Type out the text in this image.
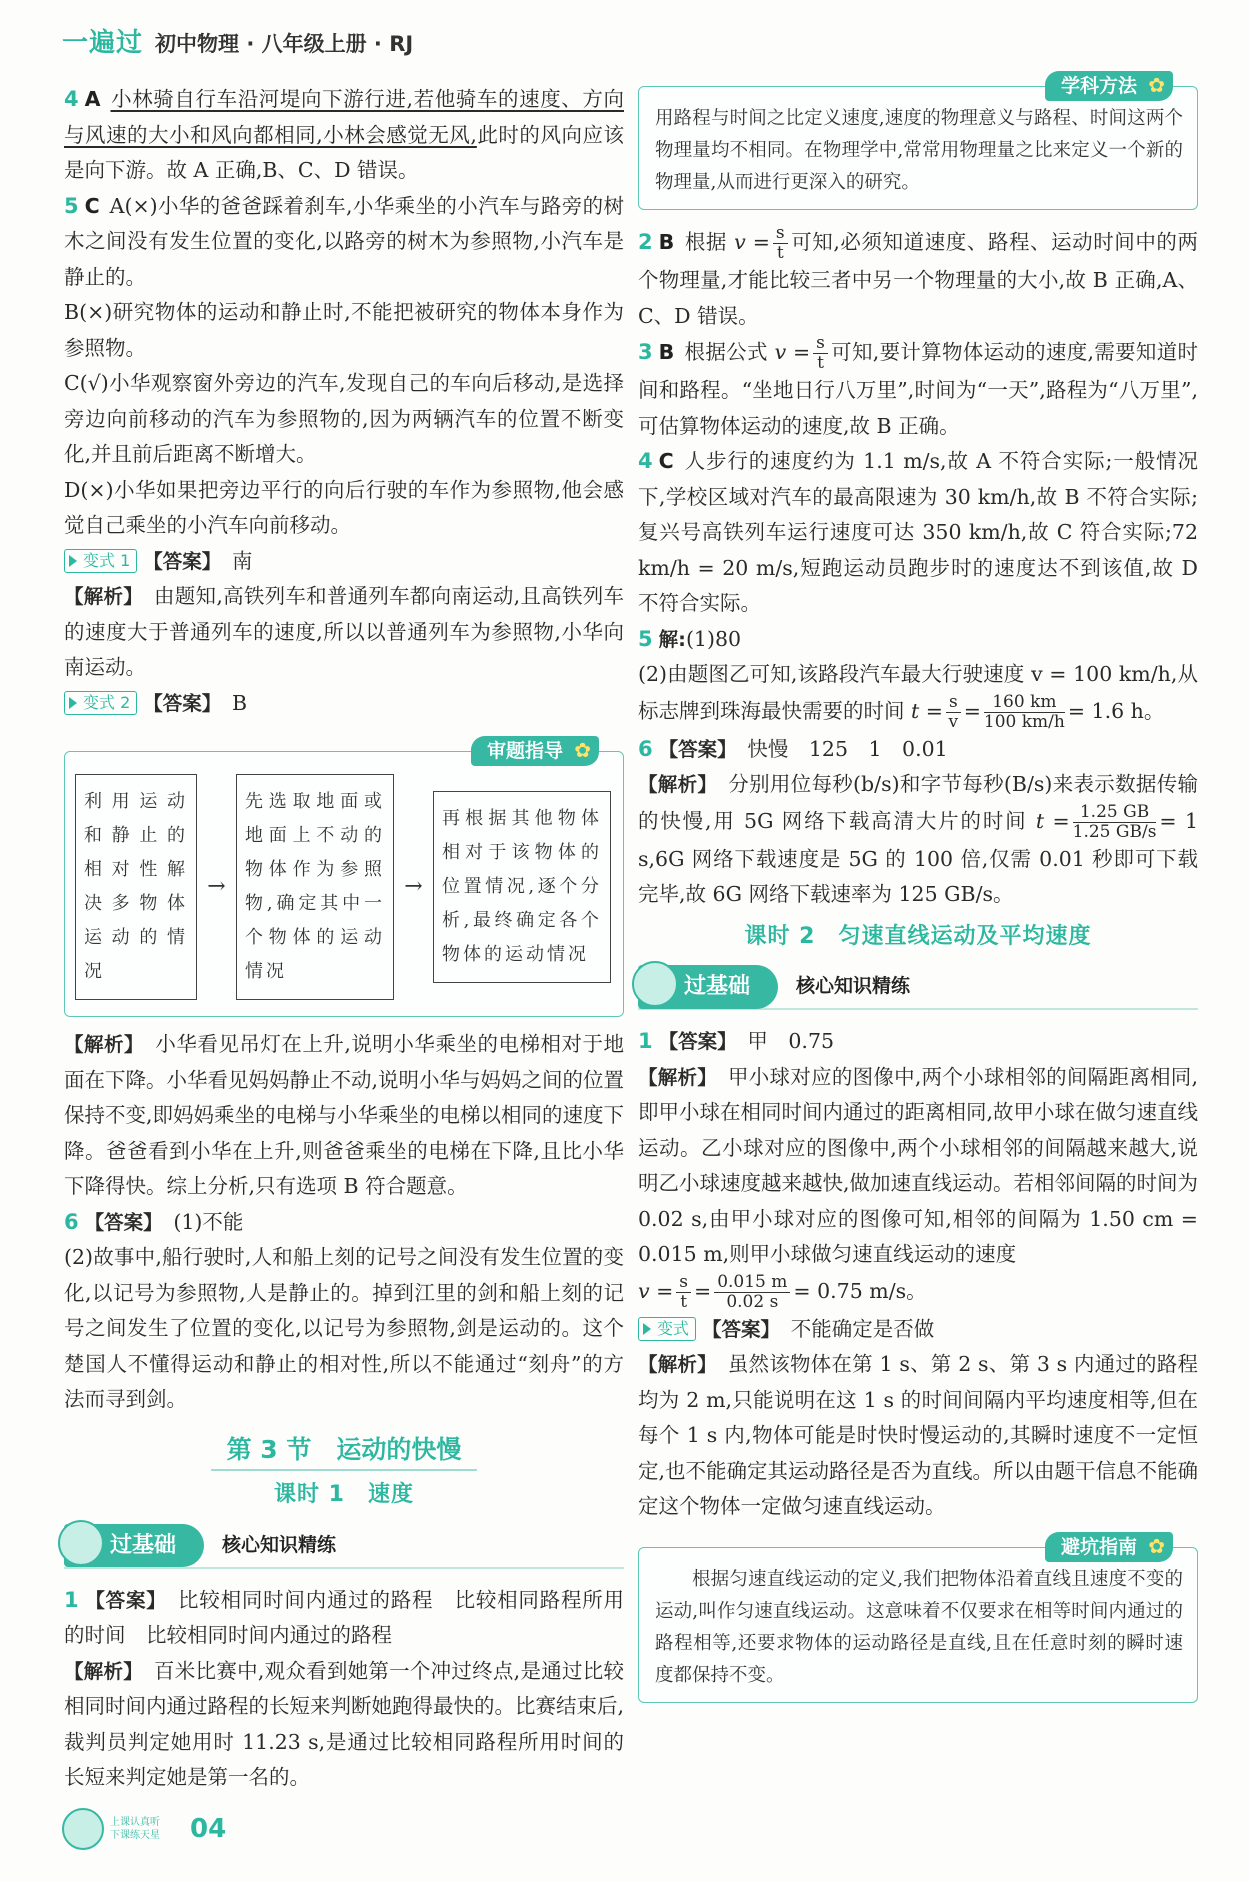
一遍过 初中物理 · 八年级上册 · RJ

4 A 小林骑自行车沿河堤向下游行进,若他骑车的速度、方向与风速的大小和风向都相同,小林会感觉无风,此时的风向应该是向下游。故 A 正确,B、C、D 错误。

5 C A(×)小华的爸爸踩着刹车,小华乘坐的小汽车与路旁的树木之间没有发生位置的变化,以路旁的树木为参照物,小汽车是静止的。

B(×)研究物体的运动和静止时,不能把被研究的物体本身作为参照物。

C(√)小华观察窗外旁边的汽车,发现自己的车向后移动,是选择旁边向前移动的汽车为参照物的,因为两辆汽车的位置不断变化,并且前后距离不断增大。

D(×)小华如果把旁边平行的向后行驶的车作为参照物,他会感觉自己乘坐的小汽车向前移动。

变式 1 【答案】　 南

【解析】　 由题知,高铁列车和普通列车都向南运动,且高铁列车的速度大于普通列车的速度,所以以普通列车为参照物,小华向南运动。

变式 2 【答案】　 B

审题指导 ✿
利用运动和静止的相对性解决多物体运动的情况
→
先选取地面或地面上不动的物体作为参照物,确定其中一个物体的运动情况
→
再根据其他物体相对于该物体的位置情况,逐个分析,最终确定各个物体的运动情况

【解析】　 小华看见吊灯在上升,说明小华乘坐的电梯相对于地面在下降。小华看见妈妈静止不动,说明小华与妈妈之间的位置保持不变,即妈妈乘坐的电梯与小华乘坐的电梯以相同的速度下降。爸爸看到小华在上升,则爸爸乘坐的电梯在下降,且比小华下降得快。综上分析,只有选项 B 符合题意。

6 【答案】　 (1)不能

(2)故事中,船行驶时,人和船上刻的记号之间没有发生位置的变化,以记号为参照物,人是静止的。掉到江里的剑和船上刻的记号之间发生了位置的变化,以记号为参照物,剑是运动的。这个楚国人不懂得运动和静止的相对性,所以不能通过“刻舟”的方法而寻到剑。

第 3 节　运动的快慢
课时 1　速度
过基础	核心知识精练

1 【答案】　 比较相同时间内通过的路程　比较相同路程所用的时间　比较相同时间内通过的路程

【解析】　 百米比赛中,观众看到她第一个冲过终点,是通过比较相同时间内通过路程的长短来判断她跑得最快的。比赛结束后,裁判员判定她用时 11.23 s,是通过比较相同路程所用时间的长短来判定她是第一名的。

学科方法 ✿

用路程与时间之比定义速度,速度的物理意义与路程、时间这两个物理量均不相同。在物理学中,常常用物理量之比来定义一个新的物理量,从而进行更深入的研究。

2 B 根据 $v = \frac{s}{t}$ 可知,必须知道速度、路程、运动时间中的两个物理量,才能比较三者中另一个物理量的大小,故 B 正确,A、C、D 错误。

3 B 根据公式 $v = \frac{s}{t}$ 可知,要计算物体运动的速度,需要知道时间和路程。“坐地日行八万里”,时间为“一天”,路程为“八万里”,可估算物体运动的速度,故 B 正确。

4 C 人步行的速度约为 1.1 m/s,故 A 不符合实际;一般情况下,学校区域对汽车的最高限速为 30 km/h,故 B 不符合实际;复兴号高铁列车运行速度可达 350 km/h,故 C 符合实际;72 km/h = 20 m/s,短跑运动员跑步时的速度达不到该值,故 D 不符合实际。

5 解:(1)80

(2)由题图乙可知,该路段汽车最大行驶速度 v = 100 km/h,从标志牌到珠海最快需要的时间 $t = \frac{s}{v} = \frac{160 km}{100 km/h} = 1.6$ h。

6 【答案】　 快慢　125　1　0.01

【解析】　 分别用位每秒(b/s)和字节每秒(B/s)来表示数据传输的快慢,用 5G 网络下载高清大片的时间 $t = \frac{1.25 GB}{1.25 GB/s} = 1$ s,6G 网络下载速度是 5G 的 100 倍,仅需 0.01 秒即可下载完毕,故 6G 网络下载速率为 125 GB/s。

课时 2　匀速直线运动及平均速度
过基础	核心知识精练

1 【答案】　 甲　0.75

【解析】　 甲小球对应的图像中,两个小球相邻的间隔距离相同,即甲小球在相同时间内通过的距离相同,故甲小球在做匀速直线运动。乙小球对应的图像中,两个小球相邻的间隔越来越大,说明乙小球速度越来越快,做加速直线运动。若相邻间隔的时间为 0.02 s,由甲小球对应的图像可知,相邻的间隔为 1.50 cm = 0.015 m,则甲小球做匀速直线运动的速度

$v = \frac{s}{t} = \frac{0.015 m}{0.02 s} = 0.75$ m/s。

变式 【答案】　 不能确定是否做

【解析】　 虽然该物体在第 1 s、第 2 s、第 3 s 内通过的路程均为 2 m,只能说明在这 1 s 的时间间隔内平均速度相等,但在每个 1 s 内,物体可能是时快时慢运动的,其瞬时速度不一定恒定,也不能确定其运动路径是否为直线。所以由题干信息不能确定这个物体一定做匀速直线运动。

避坑指南 ✿

根据匀速直线运动的定义,我们把物体沿着直线且速度不变的运动,叫作匀速直线运动。这意味着不仅要求在相等时间内通过的路程相等,还要求物体的运动路径是直线,且在任意时刻的瞬时速度都保持不变。

上课认真听
下课练天星	04
